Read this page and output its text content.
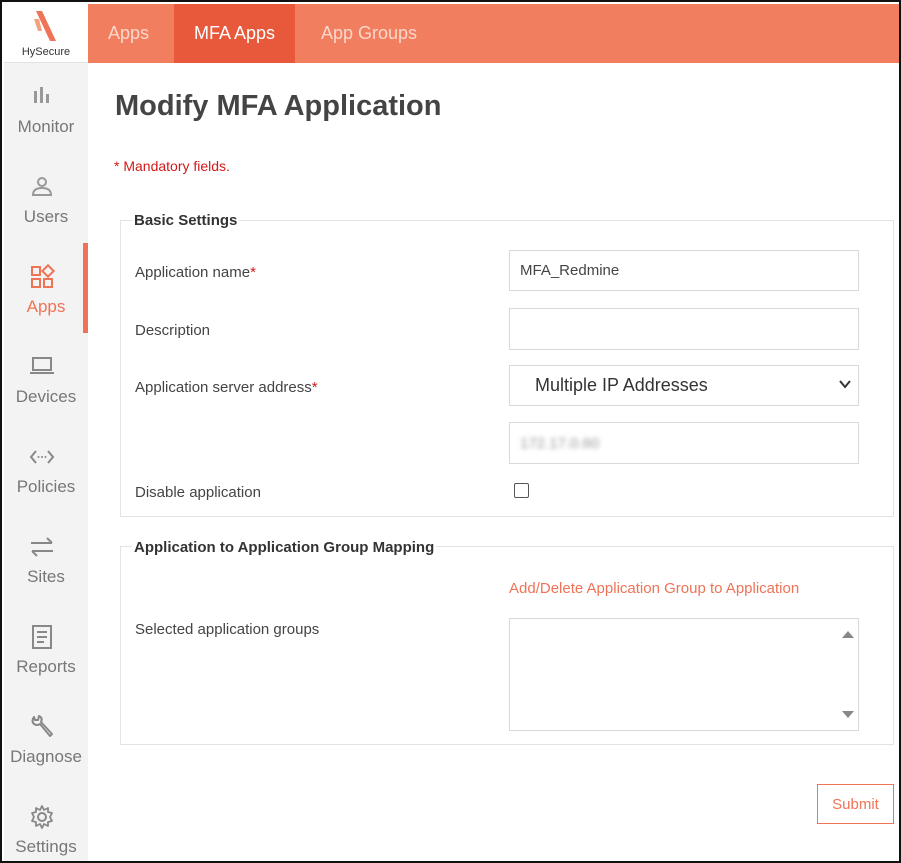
HySecure
Monitor
Users
Apps
Devices
Policies
Sites
Reports
Diagnose
Settings
Apps	MFA Apps	App Groups
Modify MFA Application
* Mandatory fields.
Basic Settings
Application name*	MFA_Redmine
Description
Application server address*	Multiple IP Addresses
172.17.0.60
Disable application
Application to Application Group Mapping
Add/Delete Application Group to Application
Selected application groups
Submit
